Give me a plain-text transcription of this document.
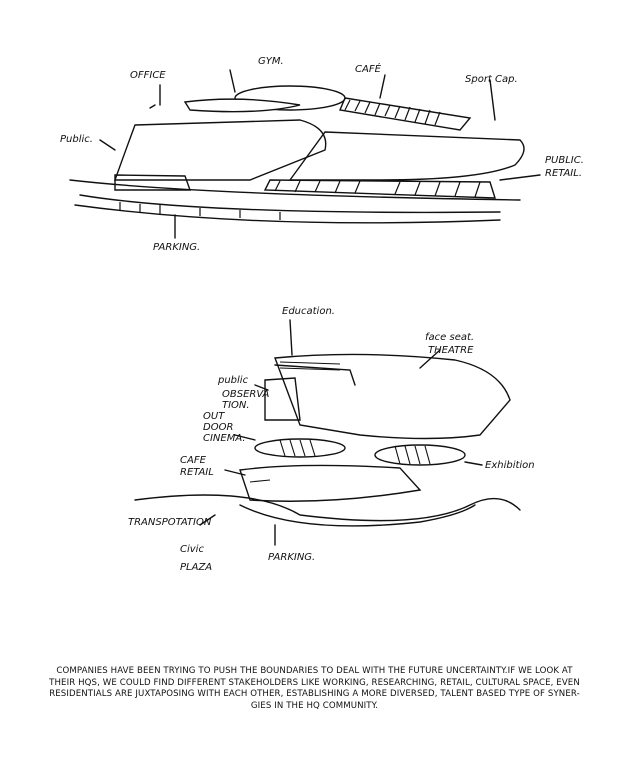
OFFICE
GYM.
CAFÉ
Sport Cap.
Public.
PUBLIC.
RETAIL.
PARKING.
Education.
face seat.
THEATRE
public
OBSERVA
TION.
OUT
DOOR
CINEMA.
CAFE
RETAIL
Exhibition
TRANSPOTATION
Civic
PLAZA
PARKING.
COMPANIES HAVE BEEN TRYING TO PUSH THE BOUNDARIES TO DEAL WITH THE FUTURE UNCERTAINTY.IF WE LOOK AT
THEIR HQS, WE COULD FIND DIFFERENT STAKEHOLDERS LIKE WORKING, RESEARCHING, RETAIL, CULTURAL SPACE, EVEN
RESIDENTIALS ARE JUXTAPOSING WITH EACH OTHER, ESTABLISHING A MORE DIVERSED, TALENT BASED TYPE OF SYNER-
GIES IN THE HQ COMMUNITY.
